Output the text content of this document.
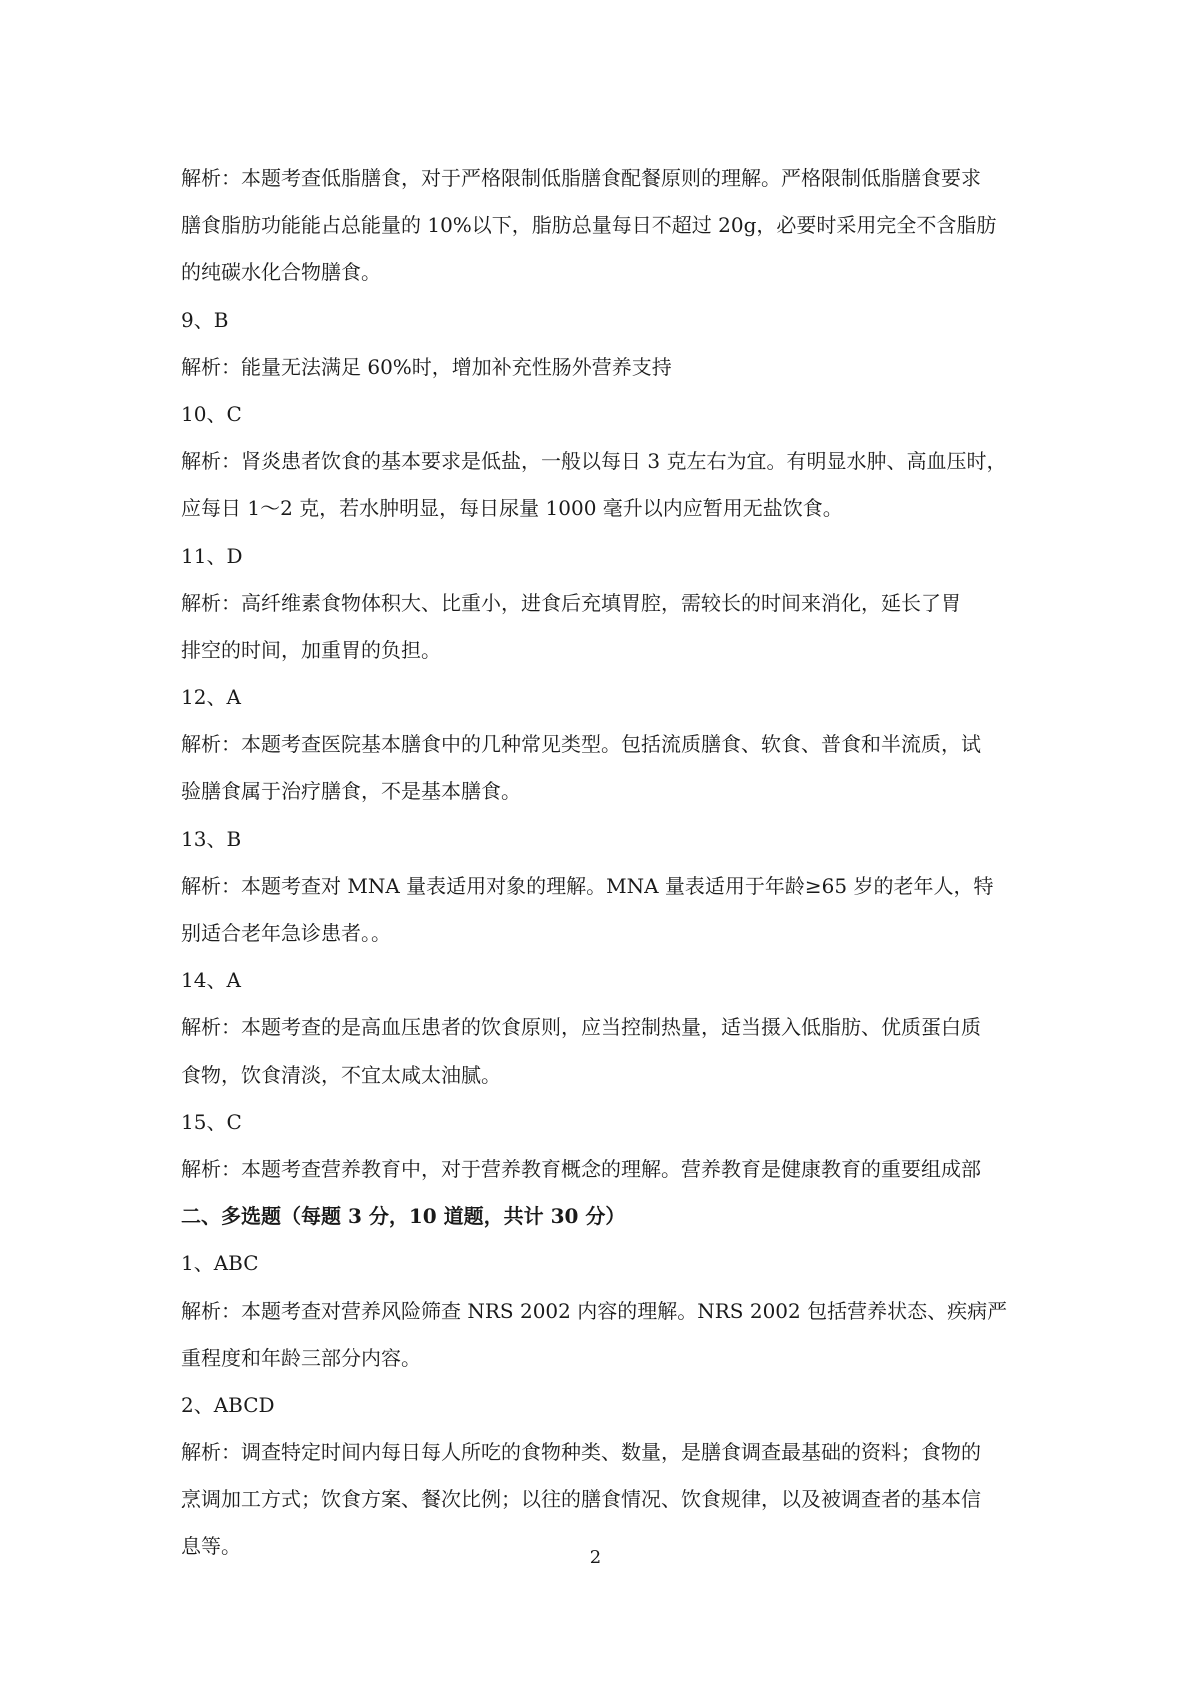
解析：本题考查低脂膳食，对于严格限制低脂膳食配餐原则的理解。严格限制低脂膳食要求
膳食脂肪功能能占总能量的 10%以下，脂肪总量每日不超过 20g，必要时采用完全不含脂肪
的纯碳水化合物膳食。
9、B
解析：能量无法满足 60%时，增加补充性肠外营养支持
10、C
解析：肾炎患者饮食的基本要求是低盐，一般以每日 3 克左右为宜。有明显水肿、高血压时，
应每日 1～2 克，若水肿明显，每日尿量 1000 毫升以内应暂用无盐饮食。
11、D
解析：高纤维素食物体积大、比重小，进食后充填胃腔，需较长的时间来消化，延长了胃
排空的时间，加重胃的负担。
12、A
解析：本题考查医院基本膳食中的几种常见类型。包括流质膳食、软食、普食和半流质，试
验膳食属于治疗膳食，不是基本膳食。
13、B
解析：本题考查对 MNA 量表适用对象的理解。MNA 量表适用于年龄≥65 岁的老年人，特
别适合老年急诊患者。。
14、A
解析：本题考查的是高血压患者的饮食原则，应当控制热量，适当摄入低脂肪、优质蛋白质
食物，饮食清淡，不宜太咸太油腻。
15、C
解析：本题考查营养教育中，对于营养教育概念的理解。营养教育是健康教育的重要组成部
二、多选题（每题 3 分，10 道题，共计 30 分）
1、ABC
解析：本题考查对营养风险筛查 NRS 2002 内容的理解。NRS 2002 包括营养状态、疾病严
重程度和年龄三部分内容。
2、ABCD
解析：调查特定时间内每日每人所吃的食物种类、数量，是膳食调查最基础的资料；食物的
烹调加工方式；饮食方案、餐次比例；以往的膳食情况、饮食规律，以及被调查者的基本信
息等。	2
